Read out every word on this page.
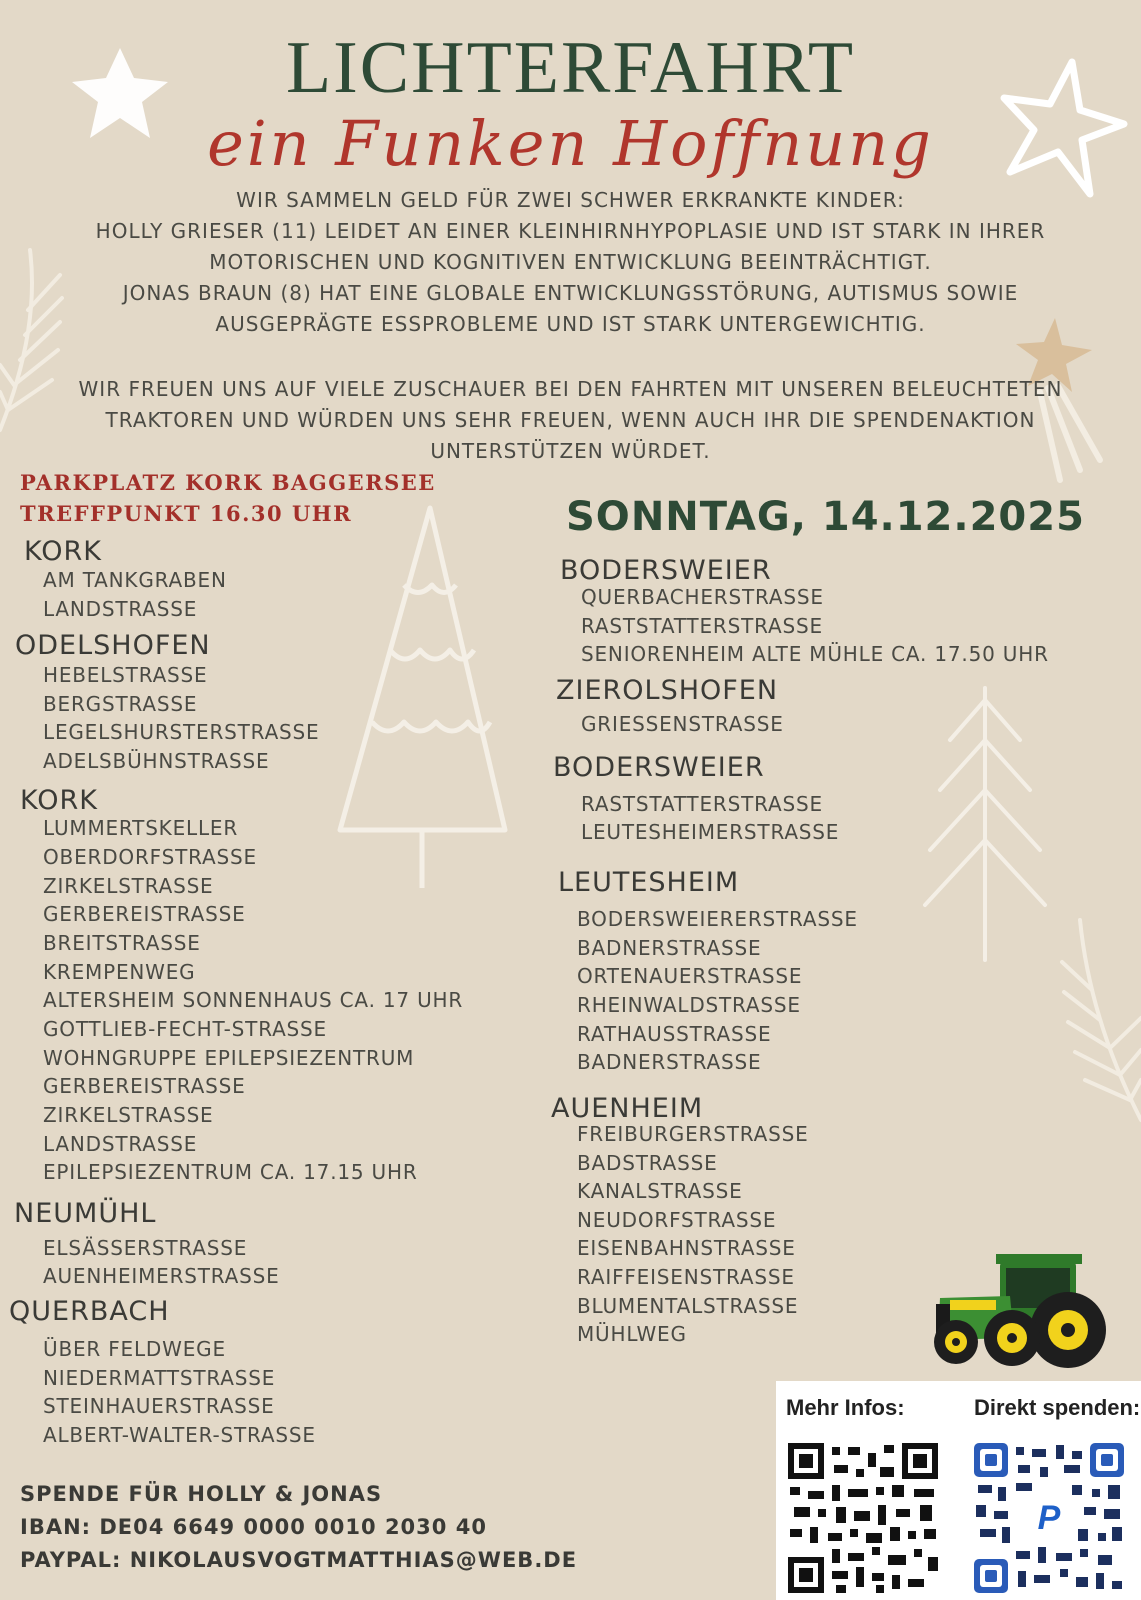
LICHTERFAHRT
ein Funken Hoffnung
WIR SAMMELN GELD FÜR ZWEI SCHWER ERKRANKTE KINDER:
HOLLY GRIESER (11) LEIDET AN EINER KLEINHIRNHYPOPLASIE UND IST STARK IN IHRER
MOTORISCHEN UND KOGNITIVEN ENTWICKLUNG BEEINTRÄCHTIGT.
JONAS BRAUN (8) HAT EINE GLOBALE ENTWICKLUNGSSTÖRUNG, AUTISMUS SOWIE
AUSGEPRÄGTE ESSPROBLEME UND IST STARK UNTERGEWICHTIG.
WIR FREUEN UNS AUF VIELE ZUSCHAUER BEI DEN FAHRTEN MIT UNSEREN BELEUCHTETEN
TRAKTOREN UND WÜRDEN UNS SEHR FREUEN, WENN AUCH IHR DIE SPENDENAKTION
UNTERSTÜTZEN WÜRDET.
PARKPLATZ KORK BAGGERSEE
TREFFPUNKT 16.30 UHR	SONNTAG, 14.12.2025
KORK
AM TANKGRABEN
LANDSTRASSE
ODELSHOFEN
HEBELSTRASSE
BERGSTRASSE
LEGELSHURSTERSTRASSE
ADELSBÜHNSTRASSE
KORK
LUMMERTSKELLER
OBERDORFSTRASSE
ZIRKELSTRASSE
GERBEREISTRASSE
BREITSTRASSE
KREMPENWEG
ALTERSHEIM SONNENHAUS CA. 17 UHR
GOTTLIEB-FECHT-STRASSE
WOHNGRUPPE EPILEPSIEZENTRUM
GERBEREISTRASSE
ZIRKELSTRASSE
LANDSTRASSE
EPILEPSIEZENTRUM CA. 17.15 UHR
NEUMÜHL
ELSÄSSERSTRASSE
AUENHEIMERSTRASSE
QUERBACH
ÜBER FELDWEGE
NIEDERMATTSTRASSE
STEINHAUERSTRASSE
ALBERT-WALTER-STRASSE
BODERSWEIER
QUERBACHERSTRASSE
RASTSTATTERSTRASSE
SENIORENHEIM ALTE MÜHLE CA. 17.50 UHR
ZIEROLSHOFEN
GRIESSENSTRASSE
BODERSWEIER
RASTSTATTERSTRASSE
LEUTESHEIMERSTRASSE
LEUTESHEIM
BODERSWEIERERSTRASSE
BADNERSTRASSE
ORTENAUERSTRASSE
RHEINWALDSTRASSE
RATHAUSSTRASSE
BADNERSTRASSE
AUENHEIM
FREIBURGERSTRASSE
BADSTRASSE
KANALSTRASSE
NEUDORFSTRASSE
EISENBAHNSTRASSE
RAIFFEISENSTRASSE
BLUMENTALSTRASSE
MÜHLWEG
SPENDE FÜR HOLLY & JONAS
IBAN: DE04 6649 0000 0010 2030 40
PAYPAL: NIKOLAUSVOGTMATTHIAS@WEB.DE
Mehr Infos:	Direkt spenden:
P
